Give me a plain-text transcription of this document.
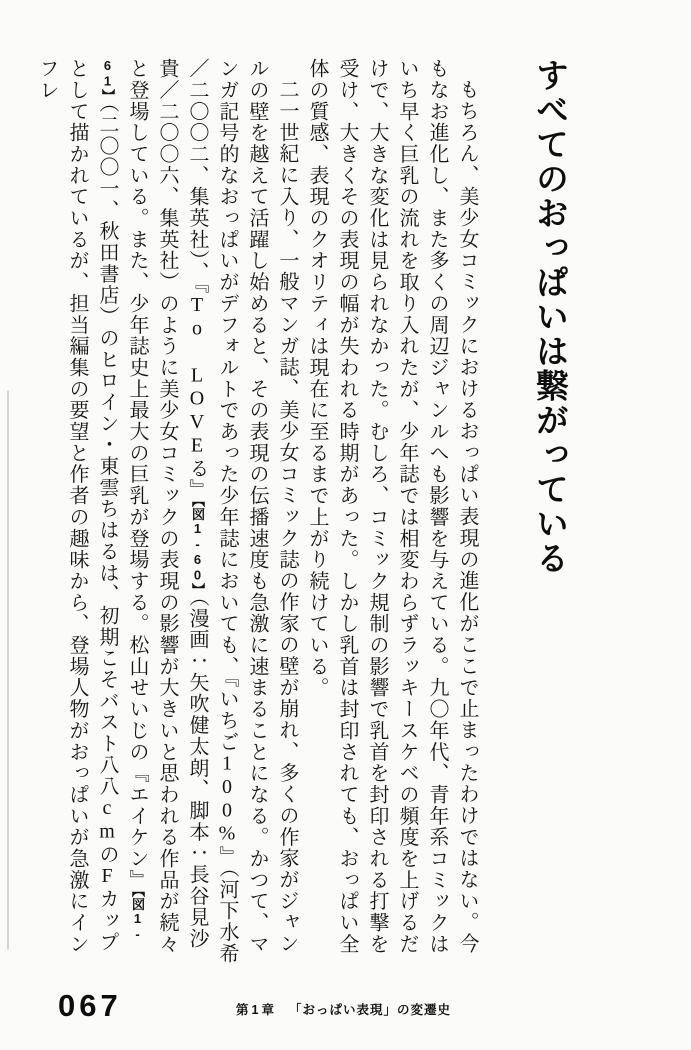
すべてのおっぱいは繋がっている

もちろん、美少女コミックにおけるおっぱい表現の進化がここで止まったわけではない。今もなお進化し、また多くの周辺ジャンルへも影響を与えている。九〇年代、青年系コミックはいち早く巨乳の流れを取り入れたが、少年誌では相変わらずラッキースケベの頻度を上げるだけで、大きな変化は見られなかった。むしろ、コミック規制の影響で乳首を封印される打撃を受け、大きくその表現の幅が失われる時期があった。しかし乳首は封印されても、おっぱい全体の質感、表現のクオリティは現在に至るまで上がり続けている。

二一世紀に入り、一般マンガ誌、美少女コミック誌の作家の壁が崩れ、多くの作家がジャンルの壁を越えて活躍し始めると、その表現の伝播速度も急激に速まることになる。かつて、マンガ記号的なおっぱいがデフォルトであった少年誌においても、『いちご100%』（河下水希／二〇〇二、集英社）、『To LOVEる』【図1-60】（漫画：矢吹健太朗、脚本：長谷見沙貴／二〇〇六、集英社）のように美少女コミックの表現の影響が大きいと思われる作品が続々と登場している。また、少年誌史上最大の巨乳が登場する。松山せいじの『エイケン』【図1-61】（二〇〇一、秋田書店）のヒロイン・東雲ちはるは、初期こそバスト八八cmのFカップとして描かれているが、担当編集の要望と作者の趣味から、登場人物がおっぱいが急激にインフレ

067	第1章 「おっぱい表現」の変遷史
